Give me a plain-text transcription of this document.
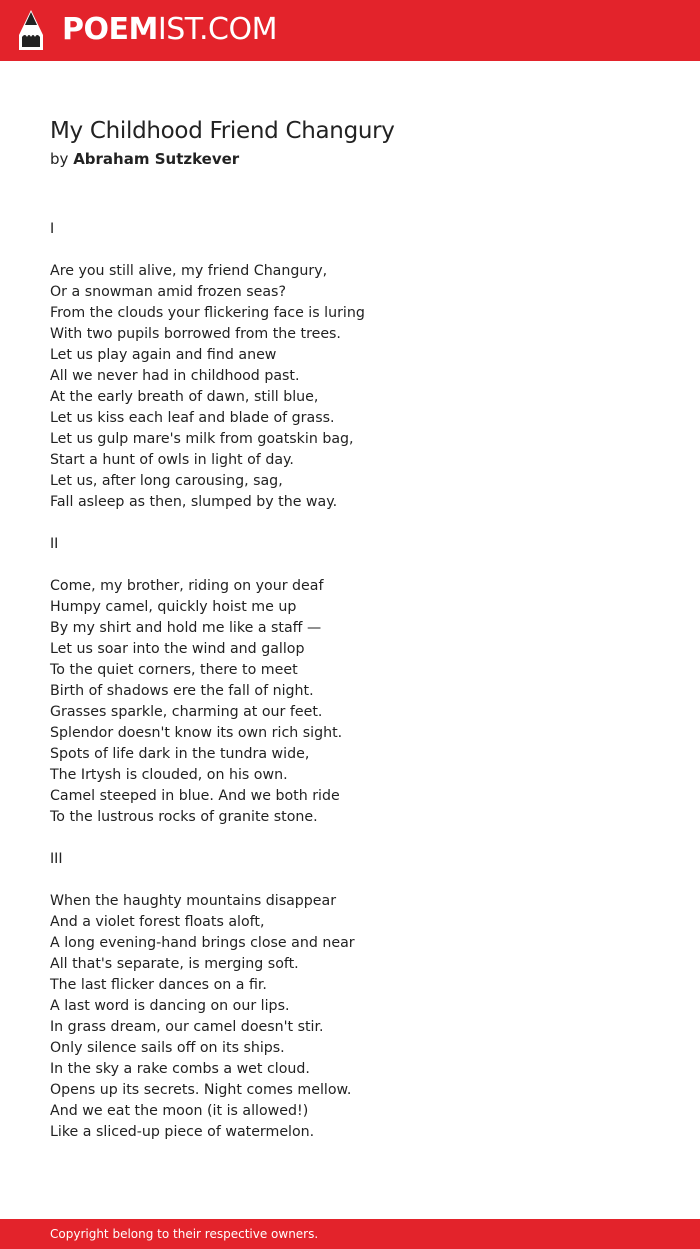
POEMIST.COM
My Childhood Friend Changury
by Abraham Sutzkever
I

Are you still alive, my friend Changury,
Or a snowman amid frozen seas?
From the clouds your flickering face is luring
With two pupils borrowed from the trees.
Let us play again and find anew
All we never had in childhood past.
At the early breath of dawn, still blue,
Let us kiss each leaf and blade of grass.
Let us gulp mare's milk from goatskin bag,
Start a hunt of owls in light of day.
Let us, after long carousing, sag,
Fall asleep as then, slumped by the way.

II

Come, my brother, riding on your deaf
Humpy camel, quickly hoist me up
By my shirt and hold me like a staff —
Let us soar into the wind and gallop
To the quiet corners, there to meet
Birth of shadows ere the fall of night.
Grasses sparkle, charming at our feet.
Splendor doesn't know its own rich sight.
Spots of life dark in the tundra wide,
The Irtysh is clouded, on his own.
Camel steeped in blue. And we both ride
To the lustrous rocks of granite stone.

III

When the haughty mountains disappear
And a violet forest floats aloft,
A long evening-hand brings close and near
All that's separate, is merging soft.
The last flicker dances on a fir.
A last word is dancing on our lips.
In grass dream, our camel doesn't stir.
Only silence sails off on its ships.
In the sky a rake combs a wet cloud.
Opens up its secrets. Night comes mellow.
And we eat the moon (it is allowed!)
Like a sliced-up piece of watermelon.
Copyright belong to their respective owners.
